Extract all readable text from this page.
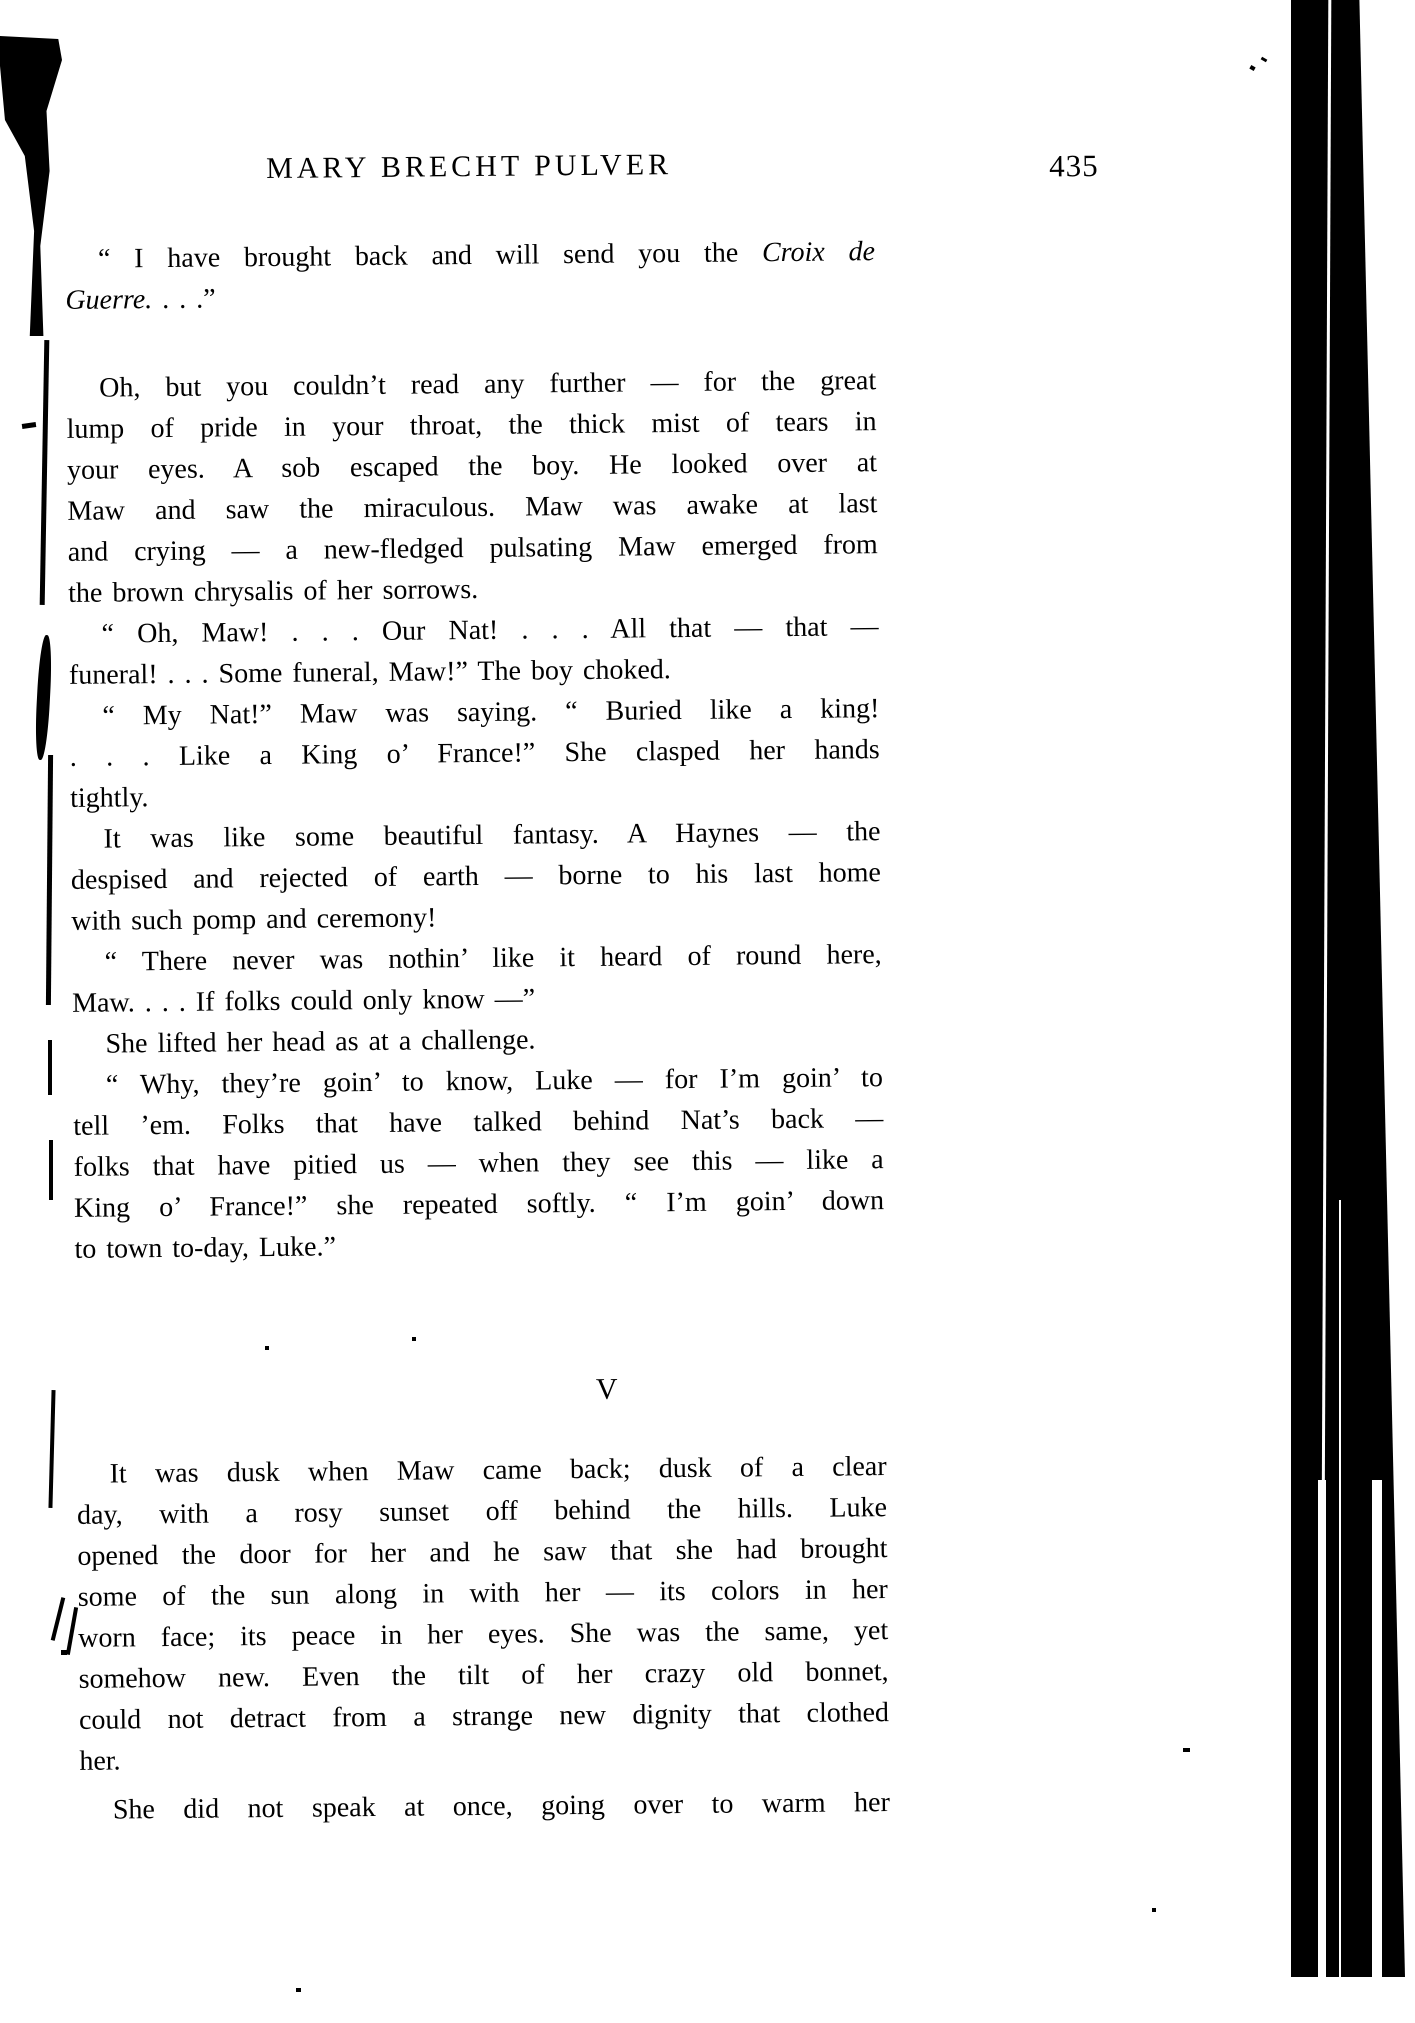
MARY BRECHT PULVER	435
“ I have brought back and will send you the Croix de
Guerre. . . .”
Oh, but you couldn’t read any further — for the great
lump of pride in your throat, the thick mist of tears in
your eyes. A sob escaped the boy. He looked over at
Maw and saw the miraculous. Maw was awake at last
and crying — a new-fledged pulsating Maw emerged from
the brown chrysalis of her sorrows.
“ Oh, Maw! . . . Our Nat! . . . All that — that —
funeral! . . . Some funeral, Maw!” The boy choked.
“ My Nat!” Maw was saying. “ Buried like a king!
. . . Like a King o’ France!” She clasped her hands
tightly.
It was like some beautiful fantasy. A Haynes — the
despised and rejected of earth — borne to his last home
with such pomp and ceremony!
“ There never was nothin’ like it heard of round here,
Maw. . . . If folks could only know —”
She lifted her head as at a challenge.
“ Why, they’re goin’ to know, Luke — for I’m goin’ to
tell ’em. Folks that have talked behind Nat’s back —
folks that have pitied us — when they see this — like a
King o’ France!” she repeated softly. “ I’m goin’ down
to town to-day, Luke.”
V
It was dusk when Maw came back; dusk of a clear
day, with a rosy sunset off behind the hills. Luke
opened the door for her and he saw that she had brought
some of the sun along in with her — its colors in her
worn face; its peace in her eyes. She was the same, yet
somehow new. Even the tilt of her crazy old bonnet,
could not detract from a strange new dignity that clothed
her.
She did not speak at once, going over to warm her
